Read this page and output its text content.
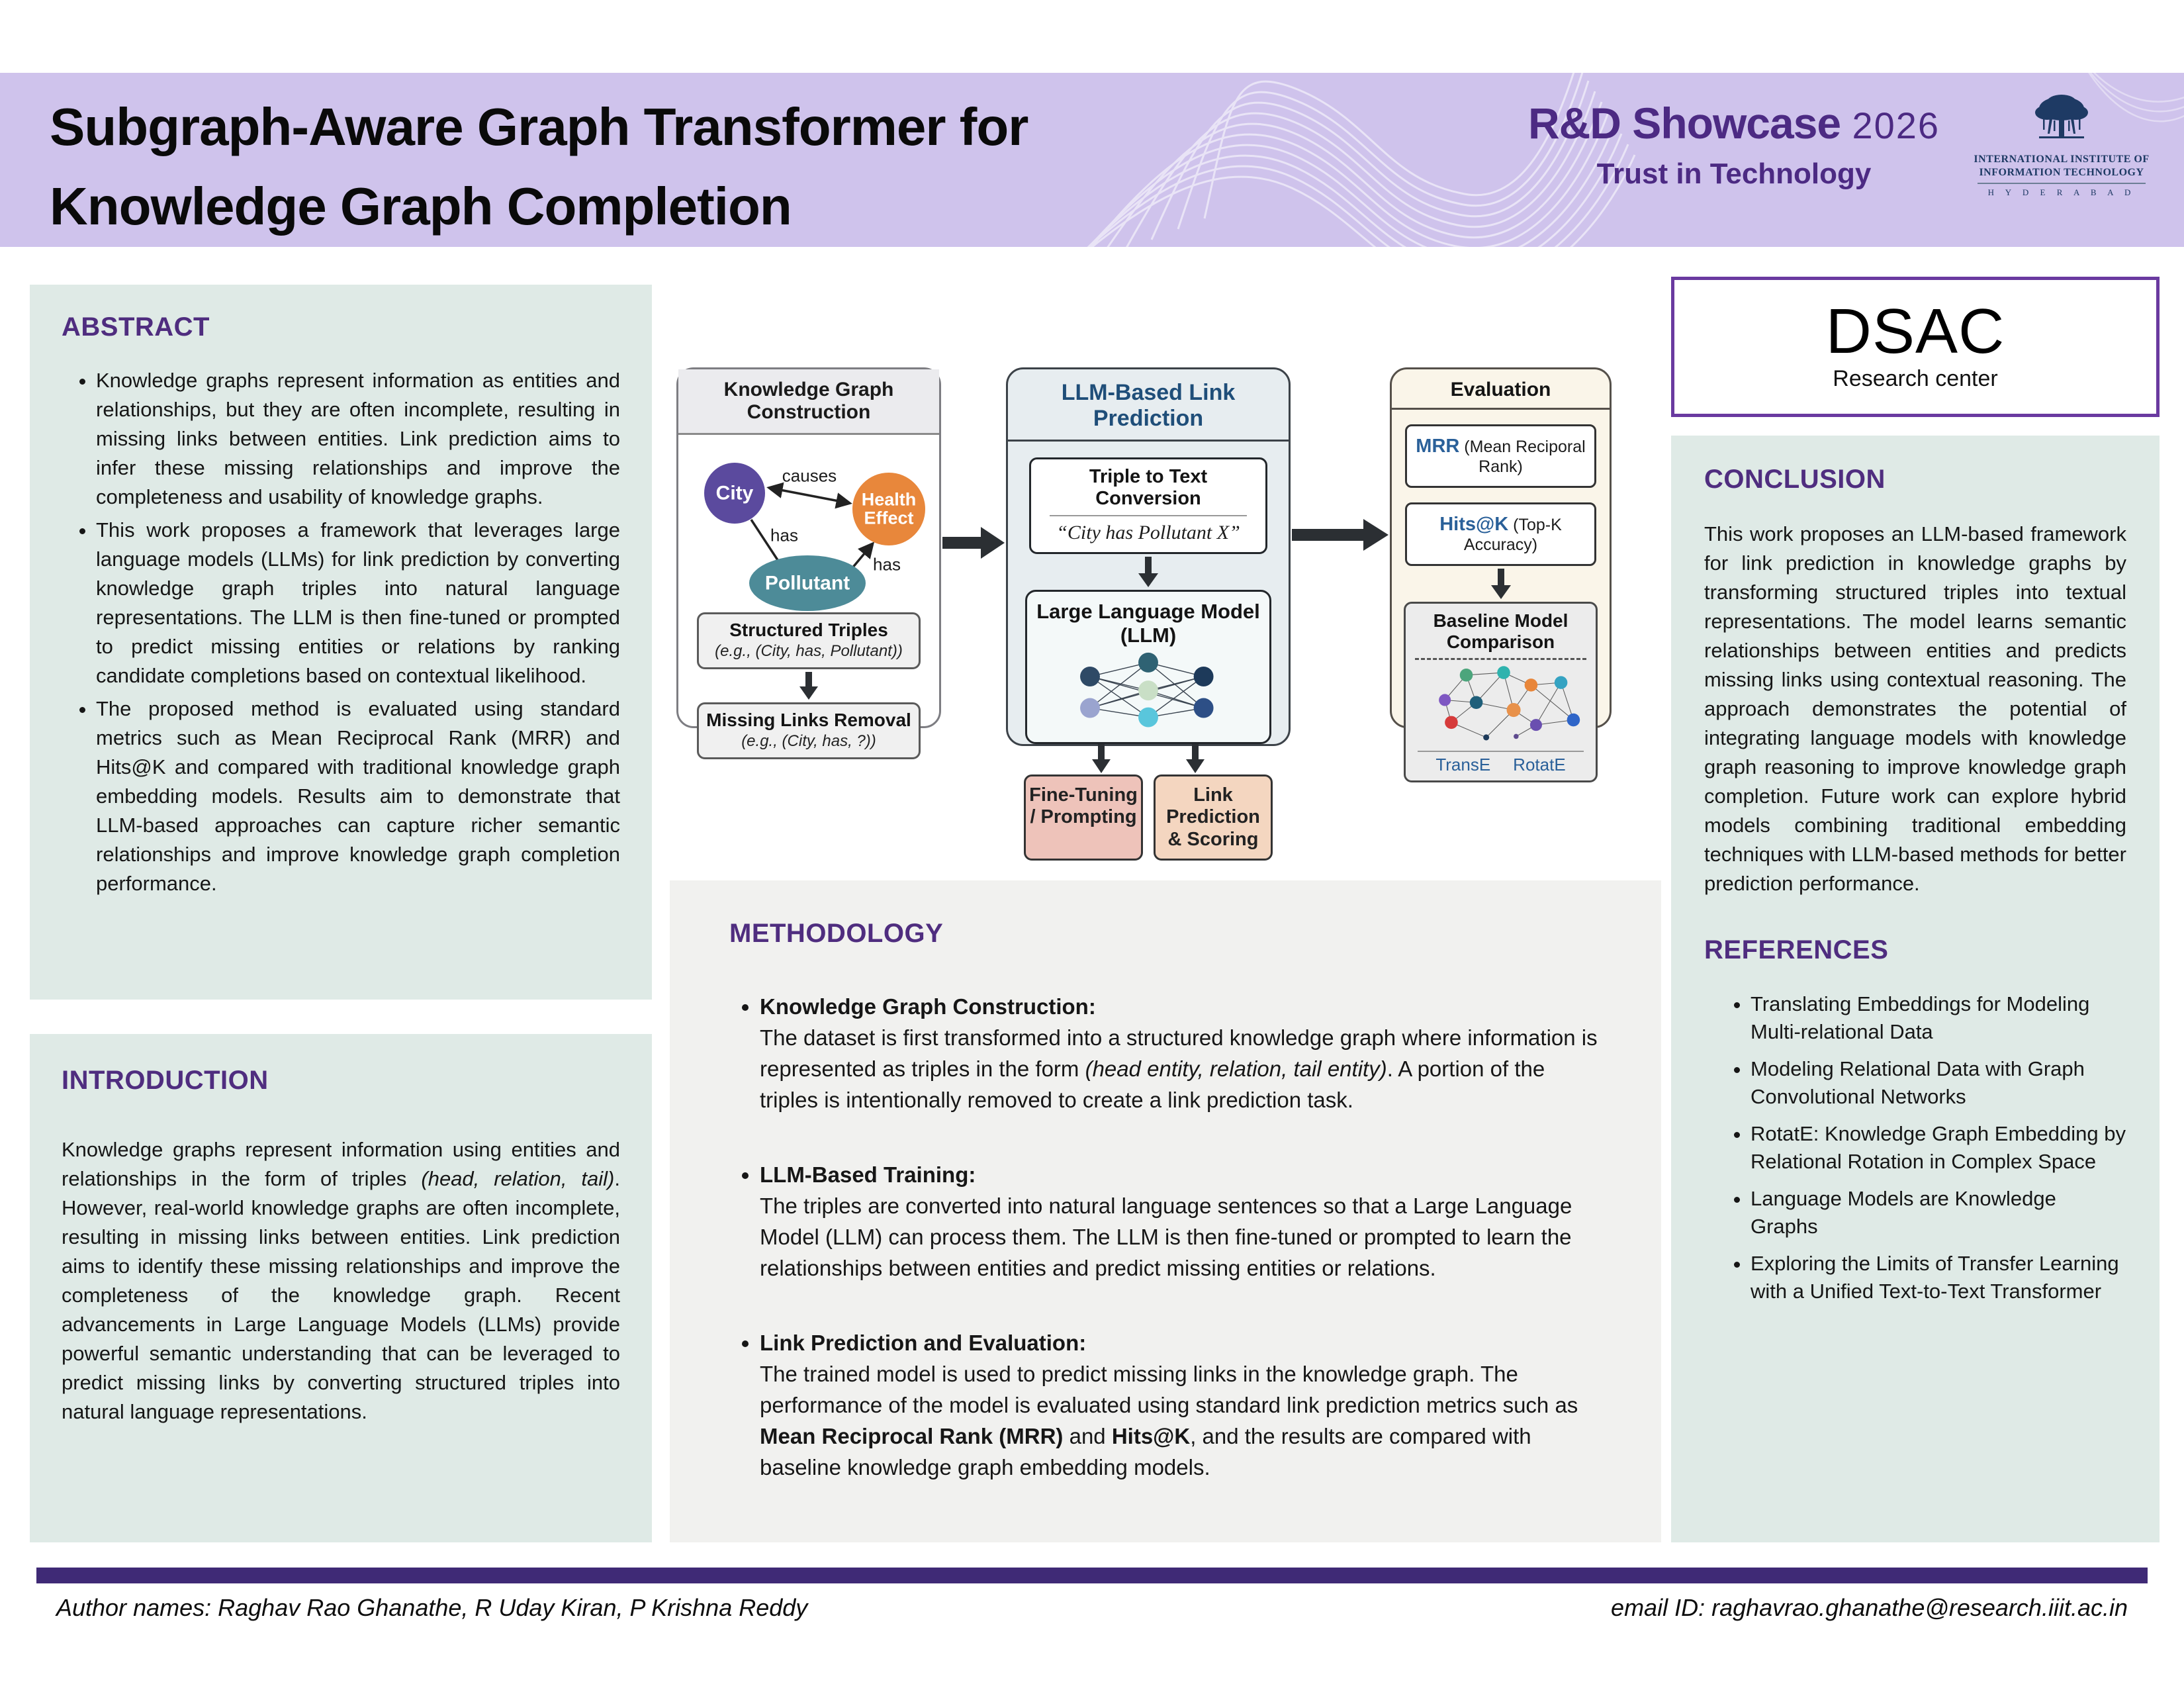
Subgraph-Aware Graph Transformer for
Knowledge Graph Completion
R&D Showcase 2026
Trust in Technology	INTERNATIONAL INSTITUTE OF
INFORMATION TECHNOLOGY
H Y D E R A B A D
ABSTRACT
• Knowledge graphs represent information as entities and relationships, but they are often incomplete, resulting in missing links between entities. Link prediction aims to infer these missing relationships and improve the completeness and usability of knowledge graphs.
• This work proposes a framework that leverages large language models (LLMs) for link prediction by converting knowledge graph triples into natural language representations. The LLM is then fine-tuned or prompted to predict missing entities or relations by ranking candidate completions based on contextual likelihood.
• The proposed method is evaluated using standard metrics such as Mean Reciprocal Rank (MRR) and Hits@K and compared with traditional knowledge graph embedding models. Results aim to demonstrate that LLM-based approaches can capture richer semantic relationships and improve knowledge graph completion performance.
INTRODUCTION

Knowledge graphs represent information using entities and relationships in the form of triples (head, relation, tail). However, real-world knowledge graphs are often incomplete, resulting in missing links between entities. Link prediction aims to identify these missing relationships and improve the completeness of the knowledge graph. Recent advancements in Large Language Models (LLMs) provide powerful semantic understanding that can be leveraged to predict missing links by converting structured triples into natural language representations.

Knowledge Graph Construction
City	Health Effect
Pollutant
causes
has
has
Structured Triples
(e.g., (City, has, Pollutant))
Missing Links Removal
(e.g., (City, has, ?))
LLM-Based Link Prediction
Triple to Text Conversion
“City has Pollutant X”
Large Language Model (LLM)
Fine-Tuning / Prompting
Link Prediction & Scoring
Evaluation
MRR (Mean Reciporal Rank)
Hits@K (Top-K Accuracy)
Baseline Model Comparison
TransE RotatE
METHODOLOGY
• Knowledge Graph Construction:
The dataset is first transformed into a structured knowledge graph where information is represented as triples in the form (head entity, relation, tail entity). A portion of the triples is intentionally removed to create a link prediction task.
• LLM-Based Training:
The triples are converted into natural language sentences so that a Large Language Model (LLM) can process them. The LLM is then fine-tuned or prompted to learn the relationships between entities and predict missing entities or relations.
• Link Prediction and Evaluation:
The trained model is used to predict missing links in the knowledge graph. The performance of the model is evaluated using standard link prediction metrics such as Mean Reciprocal Rank (MRR) and Hits@K, and the results are compared with baseline knowledge graph embedding models.
DSAC
Research center
CONCLUSION

This work proposes an LLM-based framework for link prediction in knowledge graphs by transforming structured triples into textual representations. The model learns semantic relationships between entities and predicts missing links using contextual reasoning. The approach demonstrates the potential of integrating language models with knowledge graph reasoning to improve knowledge graph completion. Future work can explore hybrid models combining traditional embedding techniques with LLM-based methods for better prediction performance.

REFERENCES
• Translating Embeddings for Modeling Multi-relational Data
• Modeling Relational Data with Graph Convolutional Networks
• RotatE: Knowledge Graph Embedding by Relational Rotation in Complex Space
• Language Models are Knowledge Graphs
• Exploring the Limits of Transfer Learning with a Unified Text-to-Text Transformer
Author names: Raghav Rao Ghanathe, R Uday Kiran, P Krishna Reddy	email ID: raghavrao.ghanathe@research.iiit.ac.in
